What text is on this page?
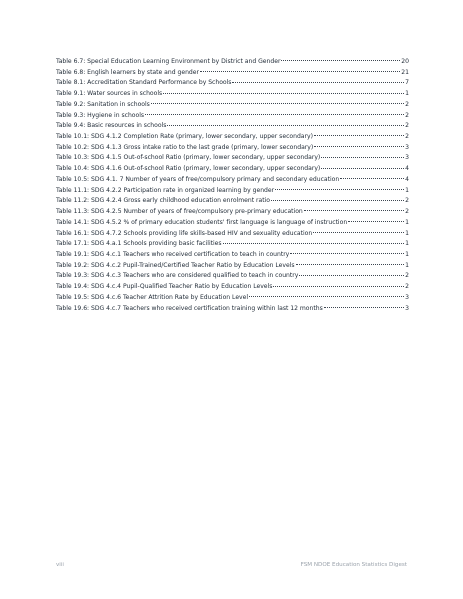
Table 6.7: Special Education Learning Environment by District and Gender	20
Table 6.8: English learners by state and gender	21
Table 8.1: Accreditation Standard Performance by Schools	7
Table 9.1: Water sources in schools	1
Table 9.2: Sanitation in schools	2
Table 9.3: Hygiene in schools	2
Table 9.4: Basic resources in schools	2
Table 10.1: SDG 4.1.2 Completion Rate (primary, lower secondary, upper secondary)	2
Table 10.2: SDG 4.1.3 Gross intake ratio to the last grade (primary, lower secondary)	3
Table 10.3: SDG 4.1.5 Out-of-school Ratio (primary, lower secondary, upper secondary)	3
Table 10.4: SDG 4.1.6 Out-of-school Ratio (primary, lower secondary, upper secondary)	4
Table 10.5: SDG 4.1. 7 Number of years of free/compulsory primary and secondary education	4
Table 11.1: SDG 4.2.2 Participation rate in organized learning by gender	1
Table 11.2: SDG 4.2.4 Gross early childhood education enrolment ratio	2
Table 11.3: SDG 4.2.5 Number of years of free/compulsory pre-primary education	2
Table 14.1: SDG 4.5.2 % of primary education students' first language is language of instruction	1
Table 16.1: SDG 4.7.2 Schools providing life skills-based HIV and sexuality education	1
Table 17.1: SDG 4.a.1 Schools providing basic facilities	1
Table 19.1: SDG 4.c.1 Teachers who received certification to teach in country	1
Table 19.2: SDG 4.c.2 Pupil-Trained/Certified Teacher Ratio by Education Levels	1
Table 19.3: SDG 4.c.3 Teachers who are considered qualified to teach in country	2
Table 19.4: SDG 4.c.4 Pupil-Qualified Teacher Ratio by Education Levels	2
Table 19.5: SDG 4.c.6 Teacher Attrition Rate by Education Level	3
Table 19.6: SDG 4.c.7 Teachers who received certification training within last 12 months	3
viii	FSM NDOE Education Statistics Digest
